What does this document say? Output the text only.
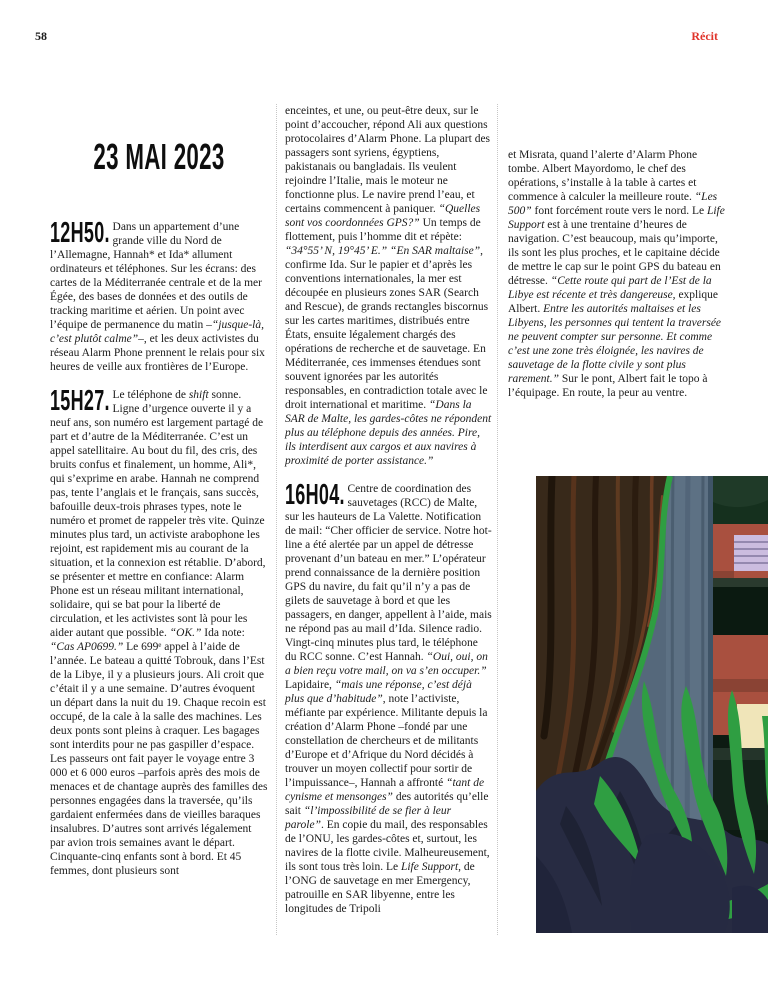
58	Récit
23 MAI 2023

12H50. Dans un appartement d’une grande ville du Nord de l’Allemagne, Hannah* et Ida* allument ordinateurs et téléphones. Sur les écrans: des cartes de la Méditerranée centrale et de la mer Égée, des bases de données et des outils de tracking maritime et aérien. Un point avec l’équipe de permanence du matin –“jusque-là, c’est plutôt calme”–, et les deux activistes du réseau Alarm Phone prennent le relais pour six heures de veille aux frontières de l’Europe.

15H27. Le téléphone de shift sonne. Ligne d’urgence ouverte il y a neuf ans, son numéro est largement partagé de part et d’autre de la Méditerranée. C’est un appel satellitaire. Au bout du fil, des cris, des bruits confus et finalement, un homme, Ali*, qui s’exprime en arabe. Hannah ne comprend pas, tente l’anglais et le français, sans succès, bafouille deux-trois phrases types, note le numéro et promet de rappeler très vite. Quinze minutes plus tard, un activiste arabophone les rejoint, est rapidement mis au courant de la situation, et la connexion est rétablie. D’abord, se présenter et mettre en confiance: Alarm Phone est un réseau militant international, solidaire, qui se bat pour la liberté de circulation, et les activistes sont là pour les aider autant que possible. “OK.” Ida note: “Cas AP0699.” Le 699ᵉ appel à l’aide de l’année. Le bateau a quitté Tobrouk, dans l’Est de la Libye, il y a plusieurs jours. Ali croit que c’était il y a une semaine. D’autres évoquent un départ dans la nuit du 19. Chaque recoin est occupé, de la cale à la salle des machines. Les deux ponts sont pleins à craquer. Les bagages sont interdits pour ne pas gaspiller d’espace. Les passeurs ont fait payer le voyage entre 3 000 et 6 000 euros –parfois après des mois de menaces et de chantage auprès des familles des personnes engagées dans la traversée, qu’ils gardaient enfermées dans de vieilles baraques insalubres. D’autres sont arrivés légalement par avion trois semaines avant le départ. Cinquante-cinq enfants sont à bord. Et 45 femmes, dont plusieurs sont

enceintes, et une, ou peut-être deux, sur le point d’accoucher, répond Ali aux questions protocolaires d’Alarm Phone. La plupart des passagers sont syriens, égyptiens, pakistanais ou bangladais. Ils veulent rejoindre l’Italie, mais le moteur ne fonctionne plus. Le navire prend l’eau, et certains commencent à paniquer. “Quelles sont vos coordonnées GPS?” Un temps de flottement, puis l’homme dit et répète: “34°55’ N, 19°45’ E.” “En SAR maltaise”, confirme Ida. Sur le papier et d’après les conventions internationales, la mer est découpée en plusieurs zones SAR (Search and Rescue), de grands rectangles biscornus sur les cartes maritimes, distribués entre États, ensuite légalement chargés des opérations de recherche et de sauvetage. En Méditerranée, ces immenses étendues sont souvent ignorées par les autorités responsables, en contradiction totale avec le droit international et maritime. “Dans la SAR de Malte, les gardes-côtes ne répondent plus au téléphone depuis des années. Pire, ils interdisent aux cargos et aux navires à proximité de porter assistance.”

16H04. Centre de coordination des sauvetages (RCC) de Malte, sur les hauteurs de La Valette. Notification de mail: “Cher officier de service. Notre hot-line a été alertée par un appel de détresse provenant d’un bateau en mer.” L’opérateur prend connaissance de la dernière position GPS du navire, du fait qu’il n’y a pas de gilets de sauvetage à bord et que les passagers, en danger, appellent à l’aide, mais ne répond pas au mail d’Ida. Silence radio. Vingt-cinq minutes plus tard, le téléphone du RCC sonne. C’est Hannah. “Oui, oui, on a bien reçu votre mail, on va s’en occuper.” Lapidaire, “mais une réponse, c’est déjà plus que d’habitude”, note l’activiste, méfiante par expérience. Militante depuis la création d’Alarm Phone –fondé par une constellation de chercheurs et de militants d’Europe et d’Afrique du Nord décidés à trouver un moyen collectif pour sortir de l’impuissance–, Hannah a affronté “tant de cynisme et mensonges” des autorités qu’elle sait “l’impossibilité de se fier à leur parole”. En copie du mail, des responsables de l’ONU, les gardes-côtes et, surtout, les navires de la flotte civile. Malheureusement, ils sont tous très loin. Le Life Support, de l’ONG de sauvetage en mer Emergency, patrouille en SAR libyenne, entre les longitudes de Tripoli

et Misrata, quand l’alerte d’Alarm Phone tombe. Albert Mayordomo, le chef des opérations, s’installe à la table à cartes et commence à calculer la meilleure route. “Les 500” font forcément route vers le nord. Le Life Support est à une trentaine d’heures de navigation. C’est beaucoup, mais qu’importe, ils sont les plus proches, et le capitaine décide de mettre le cap sur le point GPS du bateau en détresse. “Cette route qui part de l’Est de la Libye est récente et très dangereuse, explique Albert. Entre les autorités maltaises et les Libyens, les personnes qui tentent la traversée ne peuvent compter sur personne. Et comme c’est une zone très éloignée, les navires de sauvetage de la flotte civile y sont plus rarement.” Sur le pont, Albert fait le topo à l’équipage. En route, la peur au ventre.
